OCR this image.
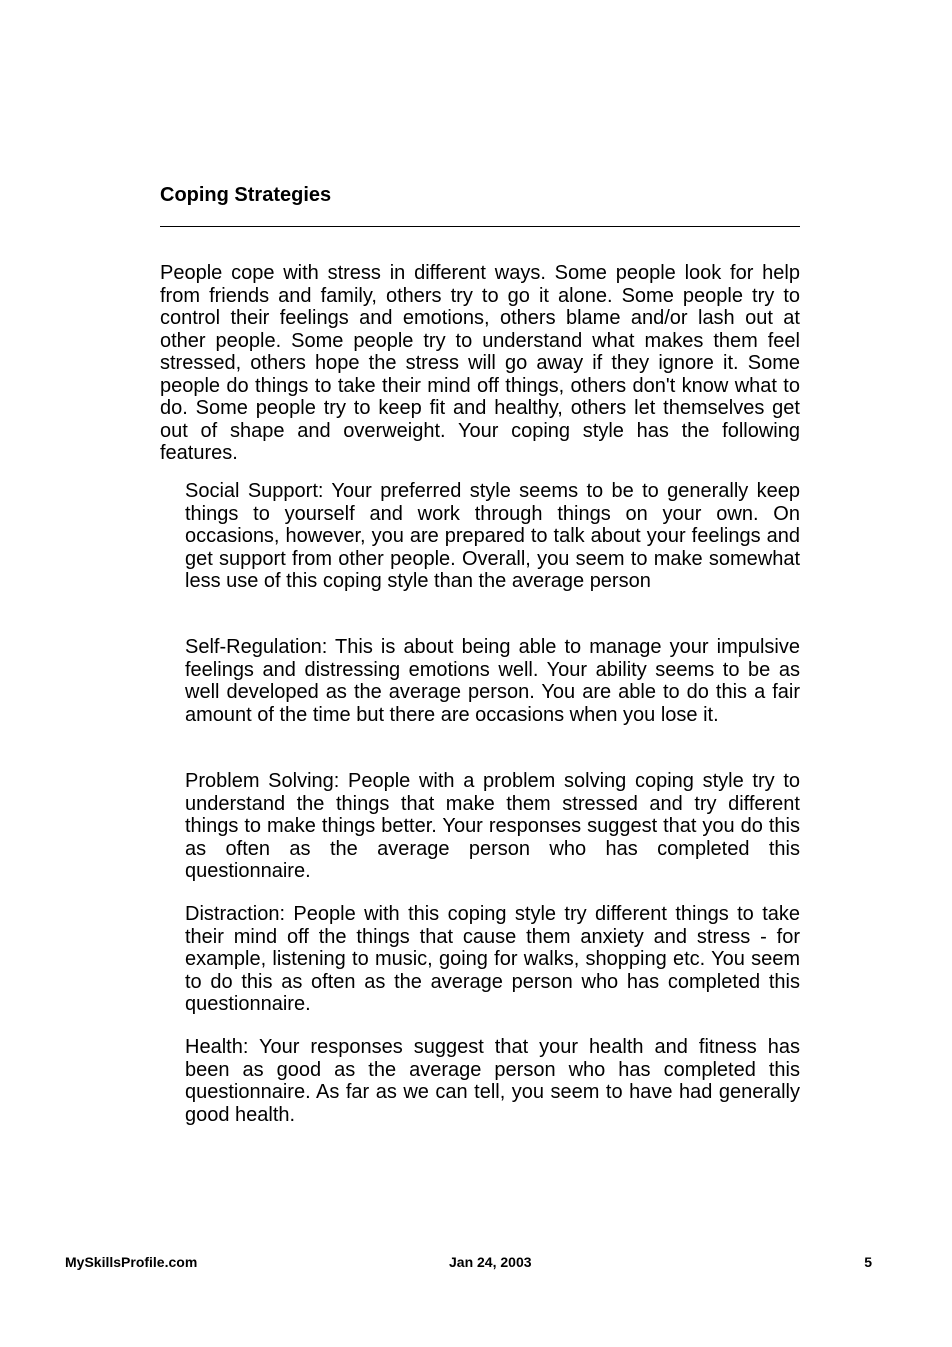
Coping Strategies

People cope with stress in different ways. Some people look for help from friends and family, others try to go it alone. Some people try to control their feelings and emotions, others blame and/or lash out at other people. Some people try to understand what makes them feel stressed, others hope the stress will go away if they ignore it. Some people do things to take their mind off things, others don't know what to do. Some people try to keep fit and healthy, others let themselves get out of shape and overweight. Your coping style has the following features.

Social Support: Your preferred style seems to be to generally keep things to yourself and work through things on your own. On occasions, however, you are prepared to talk about your feelings and get support from other people. Overall, you seem to make somewhat less use of this coping style than the average person

Self-Regulation: This is about being able to manage your impulsive feelings and distressing emotions well. Your ability seems to be as well developed as the average person. You are able to do this a fair amount of the time but there are occasions when you lose it.

Problem Solving: People with a problem solving coping style try to understand the things that make them stressed and try different things to make things better. Your responses suggest that you do this as often as the average person who has completed this questionnaire.

Distraction: People with this coping style try different things to take their mind off the things that cause them anxiety and stress - for example, listening to music, going for walks, shopping etc. You seem to do this as often as the average person who has completed this questionnaire.

Health: Your responses suggest that your health and fitness has been as good as the average person who has completed this questionnaire. As far as we can tell, you seem to have had generally good health.

MySkillsProfile.com	Jan 24, 2003	5
